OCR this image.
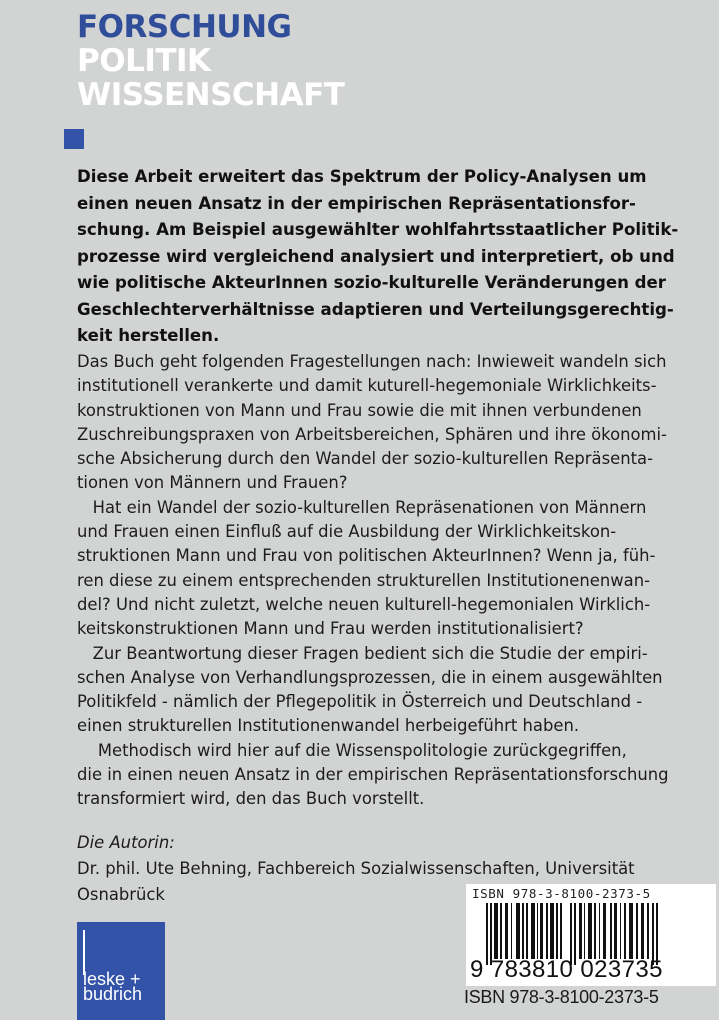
FORSCHUNG
POLITIK
WISSENSCHAFT
Diese Arbeit erweitert das Spektrum der Policy-Analysen um
einen neuen Ansatz in der empirischen Repräsentationsfor-
schung. Am Beispiel ausgewählter wohlfahrtsstaatlicher Politik-
prozesse wird vergleichend analysiert und interpretiert, ob und
wie politische AkteurInnen sozio-kulturelle Veränderungen der
Geschlechterverhältnisse adaptieren und Verteilungsgerechtig-
keit herstellen.
Das Buch geht folgenden Fragestellungen nach: Inwieweit wandeln sich
institutionell verankerte und damit kuturell-hegemoniale Wirklichkeits-
konstruktionen von Mann und Frau sowie die mit ihnen verbundenen
Zuschreibungspraxen von Arbeitsbereichen, Sphären und ihre ökonomi-
sche Absicherung durch den Wandel der sozio-kulturellen Repräsenta-
tionen von Männern und Frauen?
Hat ein Wandel der sozio-kulturellen Repräsenationen von Männern
und Frauen einen Einfluß auf die Ausbildung der Wirklichkeitskon-
struktionen Mann und Frau von politischen AkteurInnen? Wenn ja, füh-
ren diese zu einem entsprechenden strukturellen Institutionenenwan-
del? Und nicht zuletzt, welche neuen kulturell-hegemonialen Wirklich-
keitskonstruktionen Mann und Frau werden institutionalisiert?
Zur Beantwortung dieser Fragen bedient sich die Studie der empiri-
schen Analyse von Verhandlungsprozessen, die in einem ausgewählten
Politikfeld - nämlich der Pflegepolitik in Österreich und Deutschland -
einen strukturellen Institutionenwandel herbeigeführt haben.
Methodisch wird hier auf die Wissenspolitologie zurückgegriffen,
die in einen neuen Ansatz in der empirischen Repräsentationsforschung
transformiert wird, den das Buch vorstellt.
Die Autorin:
Dr. phil. Ute Behning, Fachbereich Sozialwissenschaften, Universität
Osnabrück	ISBN 978-3-8100-2373-5
9 783810 023735
ISBN 978-3-8100-2373-5
leske +
budrich
